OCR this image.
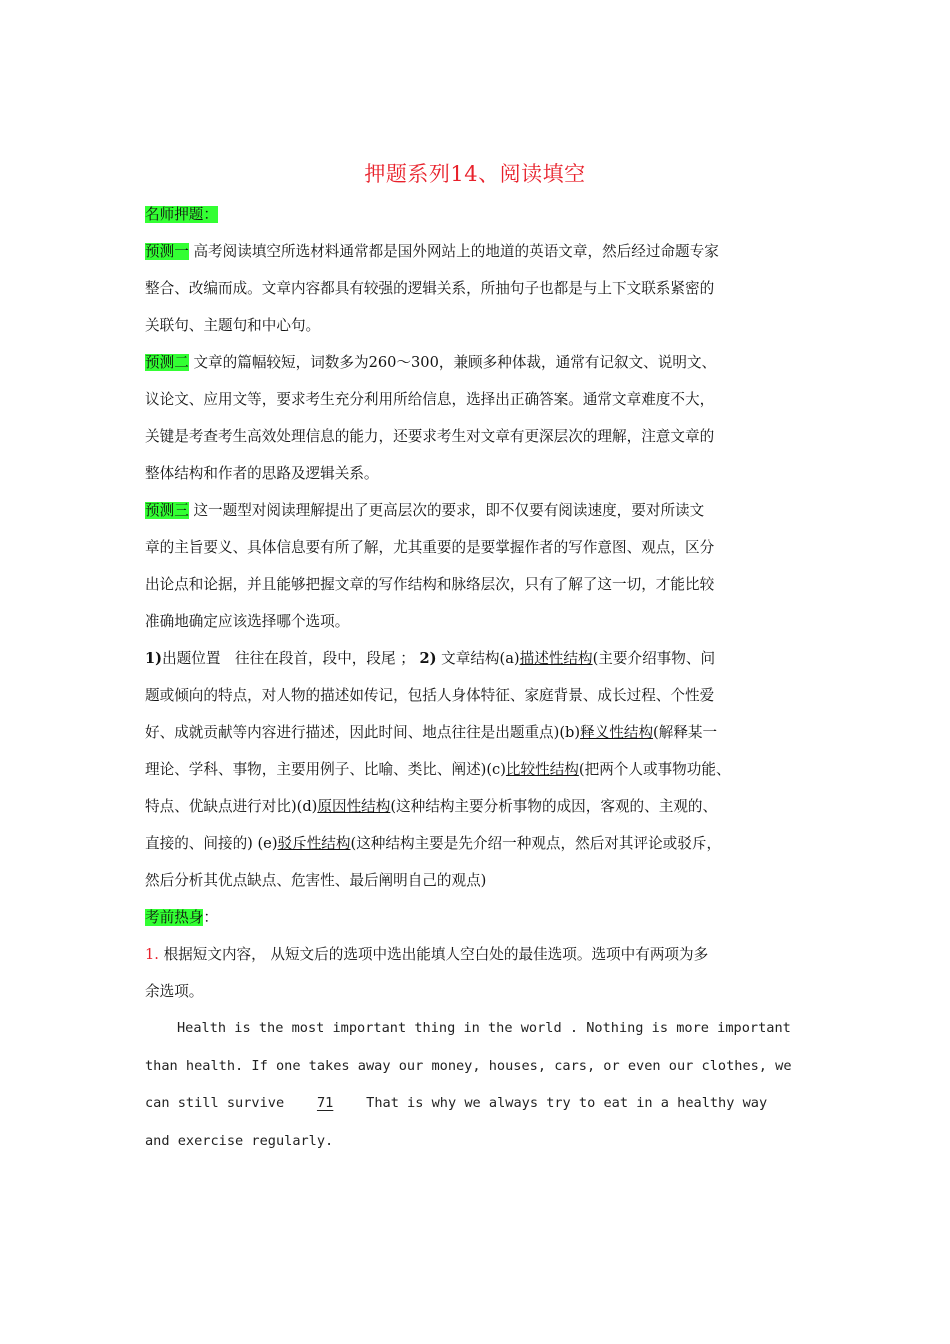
押题系列14、阅读填空
名师押题：
预测一 高考阅读填空所选材料通常都是国外网站上的地道的英语文章，然后经过命题专家
整合、改编而成。文章内容都具有较强的逻辑关系，所抽句子也都是与上下文联系紧密的
关联句、主题句和中心句。
预测二 文章的篇幅较短，词数多为260～300，兼顾多种体裁，通常有记叙文、说明文、
议论文、应用文等，要求考生充分利用所给信息，选择出正确答案。通常文章难度不大，
关键是考查考生高效处理信息的能力，还要求考生对文章有更深层次的理解，注意文章的
整体结构和作者的思路及逻辑关系。
预测三 这一题型对阅读理解提出了更高层次的要求，即不仅要有阅读速度，要对所读文
章的主旨要义、具体信息要有所了解，尤其重要的是要掌握作者的写作意图、观点，区分
出论点和论据，并且能够把握文章的写作结构和脉络层次，只有了解了这一切，才能比较
准确地确定应该选择哪个选项。
1)出题位置　往往在段首，段中，段尾 ； 2) 文章结构(a)描述性结构(主要介绍事物、问
题或倾向的特点，对人物的描述如传记，包括人身体特征、家庭背景、成长过程、个性爱
好、成就贡献等内容进行描述，因此时间、地点往往是出题重点)(b)释义性结构(解释某一
理论、学科、事物，主要用例子、比喻、类比、阐述)(c)比较性结构(把两个人或事物功能、
特点、优缺点进行对比)(d)原因性结构(这种结构主要分析事物的成因，客观的、主观的、
直接的、间接的) (e)驳斥性结构(这种结构主要是先介绍一种观点，然后对其评论或驳斥，
然后分析其优点缺点、危害性、最后阐明自己的观点)
考前热身：
1. 根据短文内容， 从短文后的选项中选出能填人空白处的最佳选项。选项中有两项为多
余选项。
Health is the most important thing in the world . Nothing is more important
than health. If one takes away our money, houses, cars, or even our clothes, we
can still survive 71 That is why we always try to eat in a healthy way
and exercise regularly.
